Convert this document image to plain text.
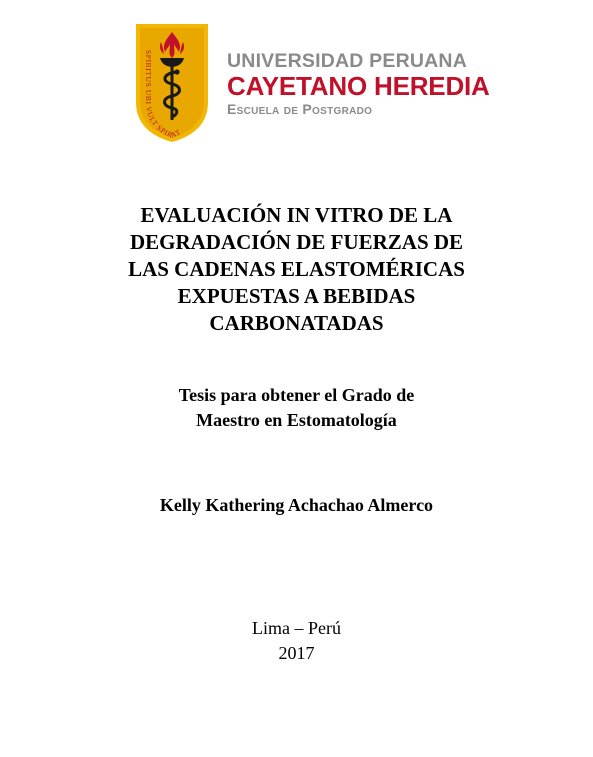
SPIRITUS UBI VULT SPIRAT
UNIVERSIDAD PERUANA
CAYETANO HEREDIA
Escuela de Postgrado
EVALUACIÓN IN VITRO DE LA
DEGRADACIÓN DE FUERZAS DE
LAS CADENAS ELASTOMÉRICAS
EXPUESTAS A BEBIDAS
CARBONATADAS
Tesis para obtener el Grado de
Maestro en Estomatología
Kelly Kathering Achachao Almerco
Lima – Perú
2017
